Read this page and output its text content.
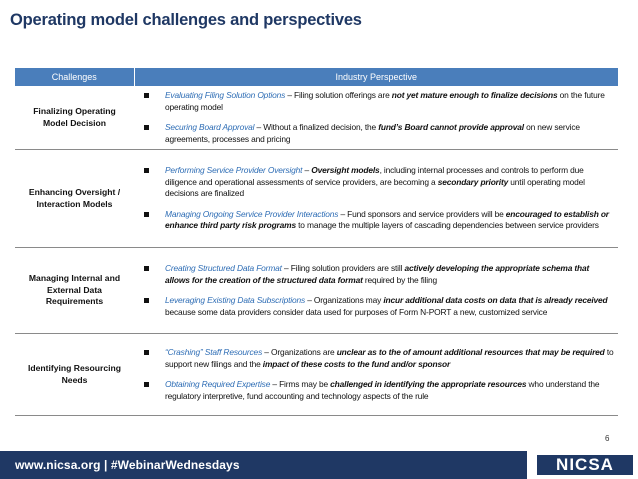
Operating model challenges and perspectives
Challenges	Industry Perspective
Finalizing Operating Model Decision	Evaluating Filing Solution Options – Filing solution offerings are not yet mature enough to finalize decisions on the future operating model
Securing Board Approval – Without a finalized decision, the fund’s Board cannot provide approval on new service agreements, processes and pricing

Enhancing Oversight / Interaction Models	Performing Service Provider Oversight – Oversight models, including internal processes and controls to perform due diligence and operational assessments of service providers, are becoming a secondary priority until operating model decisions are finalized
Managing Ongoing Service Provider Interactions – Fund sponsors and service providers will be encouraged to establish or enhance third party risk programs to manage the multiple layers of cascading dependencies between service providers

Managing Internal and External Data Requirements	Creating Structured Data Format – Filing solution providers are still actively developing the appropriate schema that allows for the creation of the structured data format required by the filing
Leveraging Existing Data Subscriptions – Organizations may incur additional data costs on data that is already received because some data providers consider data used for purposes of Form N-PORT a new, customized service

Identifying Resourcing Needs	“Crashing” Staff Resources – Organizations are unclear as to the of amount additional resources that may be required to support new filings and the impact of these costs to the fund and/or sponsor
Obtaining Required Expertise – Firms may be challenged in identifying the appropriate resources who understand the regulatory interpretive, fund accounting and technology aspects of the rule
6
www.nicsa.org | #WebinarWednesdays	NICSA
